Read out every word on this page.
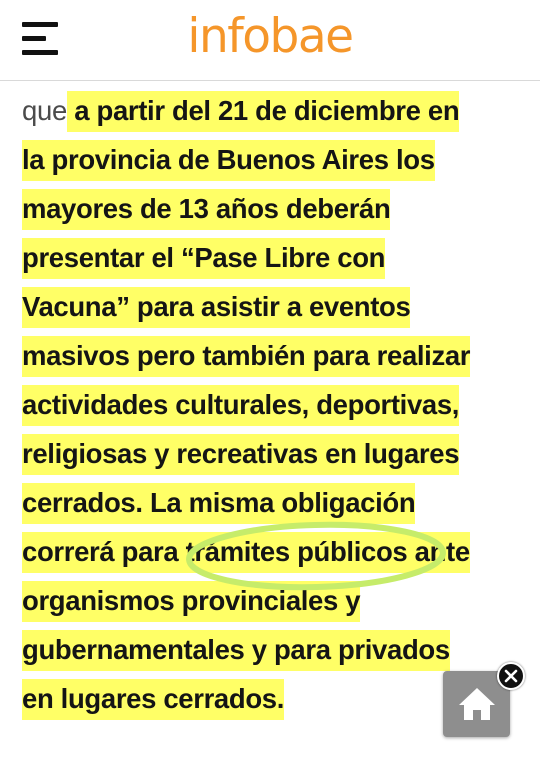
infobae
que a partir del 21 de diciembre en
la provincia de Buenos Aires los
mayores de 13 años deberán
presentar el “Pase Libre con
Vacuna” para asistir a eventos
masivos pero también para realizar
actividades culturales, deportivas,
religiosas y recreativas en lugares
cerrados. La misma obligación
correrá para trámites públicos ante
organismos provinciales y
gubernamentales y para privados
en lugares cerrados.
